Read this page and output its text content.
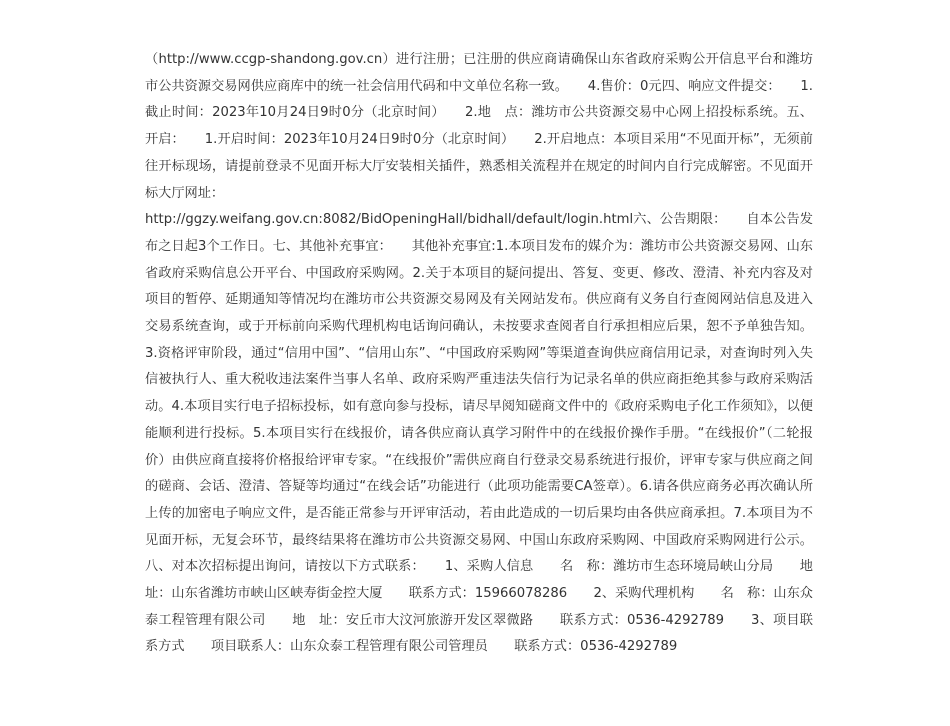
（http://www.ccgp-shandong.gov.cn）进行注册；已注册的供应商请确保山东省政府采购公开信息平台和潍坊市公共资源交易网供应商库中的统一社会信用代码和中文单位名称一致。　　4.售价：0元四、响应文件提交：　　1.截止时间：2023年10月24日9时0分（北京时间）　　2.地　点：潍坊市公共资源交易中心网上招投标系统。五、开启：　　1.开启时间：2023年10月24日9时0分（北京时间）　　2.开启地点：本项目采用“不见面开标”，无须前往开标现场，请提前登录不见面开标大厅安装相关插件，熟悉相关流程并在规定的时间内自行完成解密。不见面开标大厅网址：

http://ggzy.weifang.gov.cn:8082/BidOpeningHall/bidhall/default/login.html六、公告期限：　　自本公告发布之日起3个工作日。七、其他补充事宜：　　其他补充事宜:1.本项目发布的媒介为：潍坊市公共资源交易网、山东省政府采购信息公开平台、中国政府采购网。2.关于本项目的疑问提出、答复、变更、修改、澄清、补充内容及对项目的暂停、延期通知等情况均在潍坊市公共资源交易网及有关网站发布。供应商有义务自行查阅网站信息及进入交易系统查询，或于开标前向采购代理机构电话询问确认，未按要求查阅者自行承担相应后果，恕不予单独告知。3.资格评审阶段，通过“信用中国”、“信用山东”、“中国政府采购网”等渠道查询供应商信用记录，对查询时列入失信被执行人、重大税收违法案件当事人名单、政府采购严重违法失信行为记录名单的供应商拒绝其参与政府采购活动。4.本项目实行电子招标投标，如有意向参与投标，请尽早阅知磋商文件中的《政府采购电子化工作须知》，以便能顺利进行投标。5.本项目实行在线报价，请各供应商认真学习附件中的在线报价操作手册。“在线报价”（二轮报价）由供应商直接将价格报给评审专家。“在线报价”需供应商自行登录交易系统进行报价，评审专家与供应商之间的磋商、会话、澄清、答疑等均通过“在线会话”功能进行（此项功能需要CA签章）。6.请各供应商务必再次确认所上传的加密电子响应文件，是否能正常参与开评审活动，若由此造成的一切后果均由各供应商承担。7.本项目为不见面开标，无复会环节，最终结果将在潍坊市公共资源交易网、中国山东政府采购网、中国政府采购网进行公示。八、对本次招标提出询问，请按以下方式联系：　　1、采购人信息　　名　称：潍坊市生态环境局峡山分局　　地　址：山东省潍坊市峡山区峡寿街金控大厦　　联系方式：15966078286　　2、采购代理机构　　名　称：山东众泰工程管理有限公司　　地　址：安丘市大汶河旅游开发区翠微路　　联系方式：0536-4292789　　3、项目联系方式　　项目联系人：山东众泰工程管理有限公司管理员　　联系方式：0536-4292789
